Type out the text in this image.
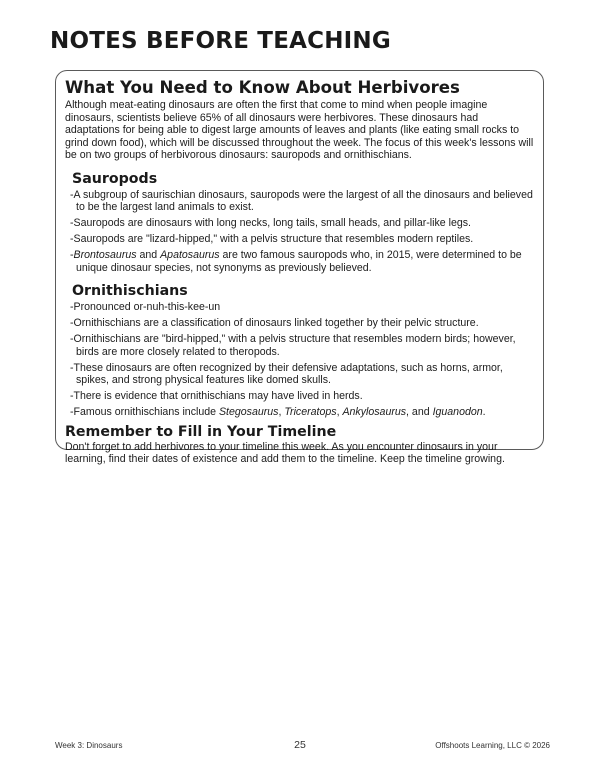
NOTES BEFORE TEACHING
What You Need to Know About Herbivores

Although meat-eating dinosaurs are often the first that come to mind when people imagine dinosaurs, scientists believe 65% of all dinosaurs were herbivores. These dinosaurs had adaptations for being able to digest large amounts of leaves and plants (like eating small rocks to grind down food), which will be discussed throughout the week. The focus of this week's lessons will be on two groups of herbivorous dinosaurs: sauropods and ornithischians.

Sauropods
-A subgroup of saurischian dinosaurs, sauropods were the largest of all the dinosaurs and believed to be the largest land animals to exist.
-Sauropods are dinosaurs with long necks, long tails, small heads, and pillar-like legs.
-Sauropods are "lizard-hipped," with a pelvis structure that resembles modern reptiles.
-Brontosaurus and Apatosaurus are two famous sauropods who, in 2015, were determined to be unique dinosaur species, not synonyms as previously believed.
Ornithischians
-Pronounced or-nuh-this-kee-un
-Ornithischians are a classification of dinosaurs linked together by their pelvic structure.
-Ornithischians are "bird-hipped," with a pelvis structure that resembles modern birds; however, birds are more closely related to theropods.
-These dinosaurs are often recognized by their defensive adaptations, such as horns, armor, spikes, and strong physical features like domed skulls.
-There is evidence that ornithischians may have lived in herds.
-Famous ornithischians include Stegosaurus, Triceratops, Ankylosaurus, and Iguanodon.
Remember to Fill in Your Timeline

Don't forget to add herbivores to your timeline this week. As you encounter dinosaurs in your learning, find their dates of existence and add them to the timeline. Keep the timeline growing.

Week 3: Dinosaurs	25	Offshoots Learning, LLC © 2026
